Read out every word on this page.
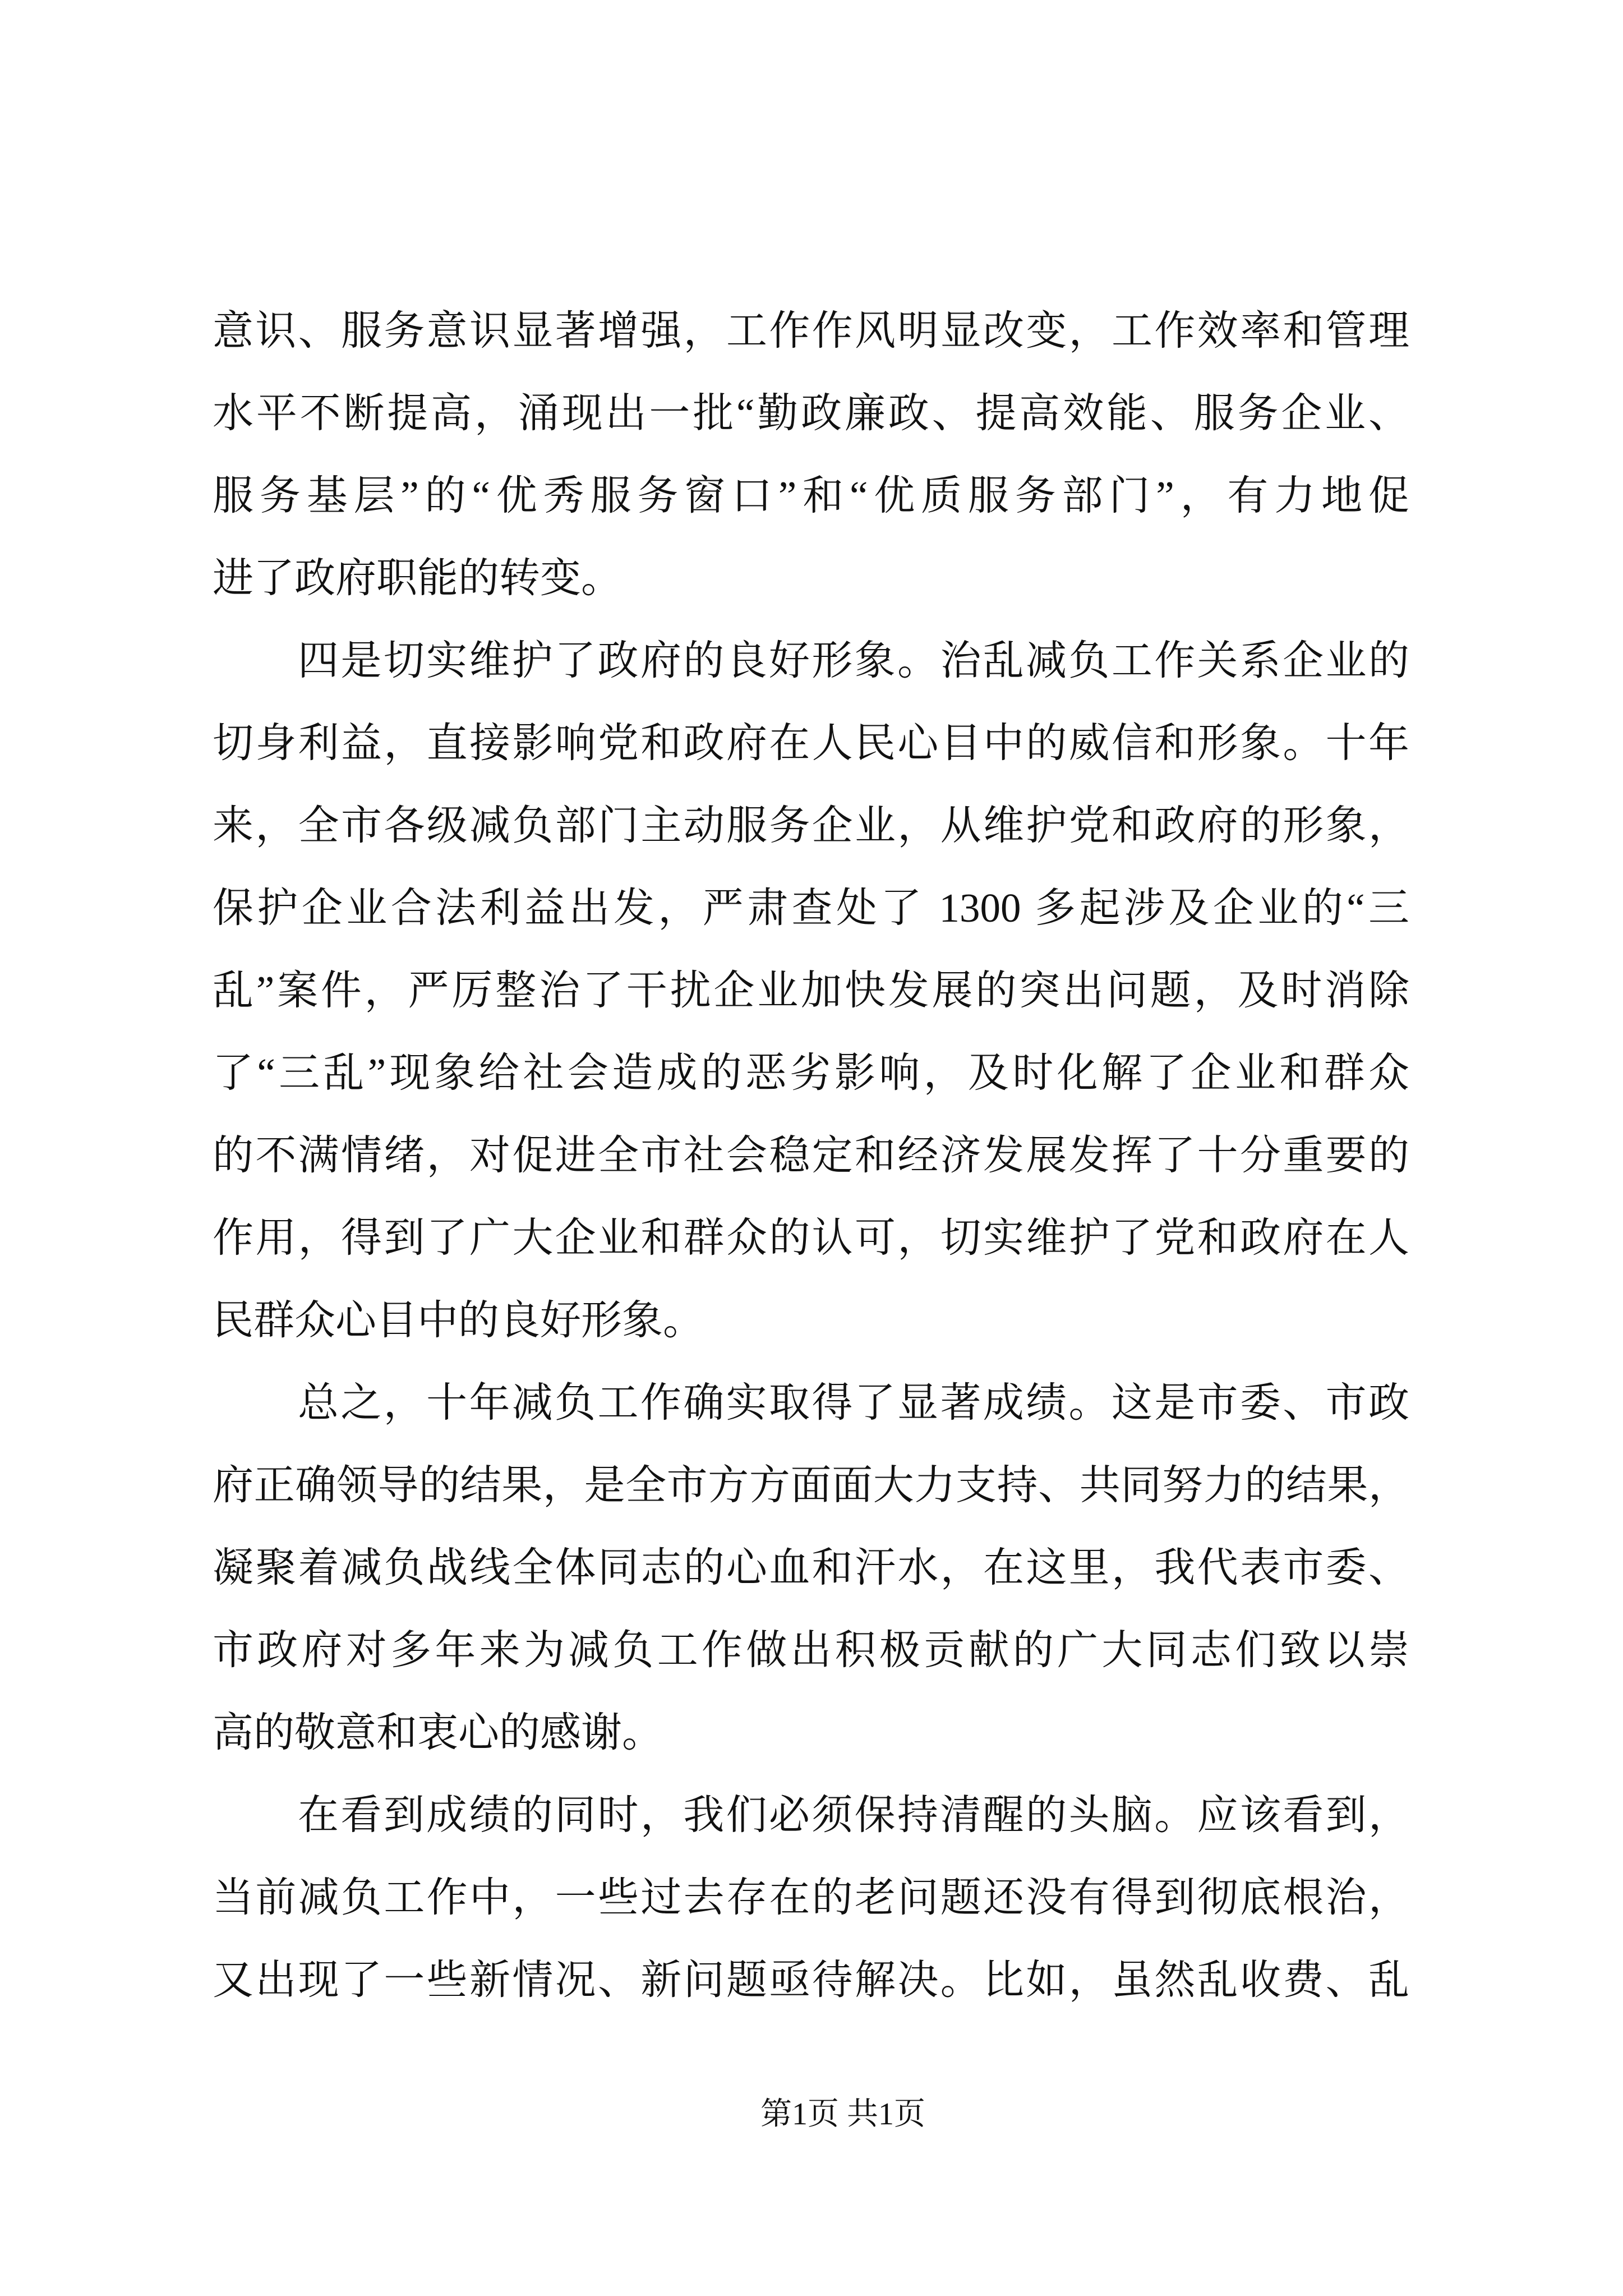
意识、服务意识显著增强，工作作风明显改变，工作效率和管理
水平不断提高，涌现出一批“勤政廉政、提高效能、服务企业、
服务基层”的“优秀服务窗口”和“优质服务部门”，有力地促
进了政府职能的转变。
四是切实维护了政府的良好形象。治乱减负工作关系企业的
切身利益，直接影响党和政府在人民心目中的威信和形象。十年
来，全市各级减负部门主动服务企业，从维护党和政府的形象，
保护企业合法利益出发，严肃查处了 1300 多起涉及企业的“三
乱”案件，严厉整治了干扰企业加快发展的突出问题，及时消除
了“三乱”现象给社会造成的恶劣影响，及时化解了企业和群众
的不满情绪，对促进全市社会稳定和经济发展发挥了十分重要的
作用，得到了广大企业和群众的认可，切实维护了党和政府在人
民群众心目中的良好形象。
总之，十年减负工作确实取得了显著成绩。这是市委、市政
府正确领导的结果，是全市方方面面大力支持、共同努力的结果，
凝聚着减负战线全体同志的心血和汗水，在这里，我代表市委、
市政府对多年来为减负工作做出积极贡献的广大同志们致以崇
高的敬意和衷心的感谢。
在看到成绩的同时，我们必须保持清醒的头脑。应该看到，
当前减负工作中，一些过去存在的老问题还没有得到彻底根治，
又出现了一些新情况、新问题亟待解决。比如，虽然乱收费、乱
第1页 共1页
